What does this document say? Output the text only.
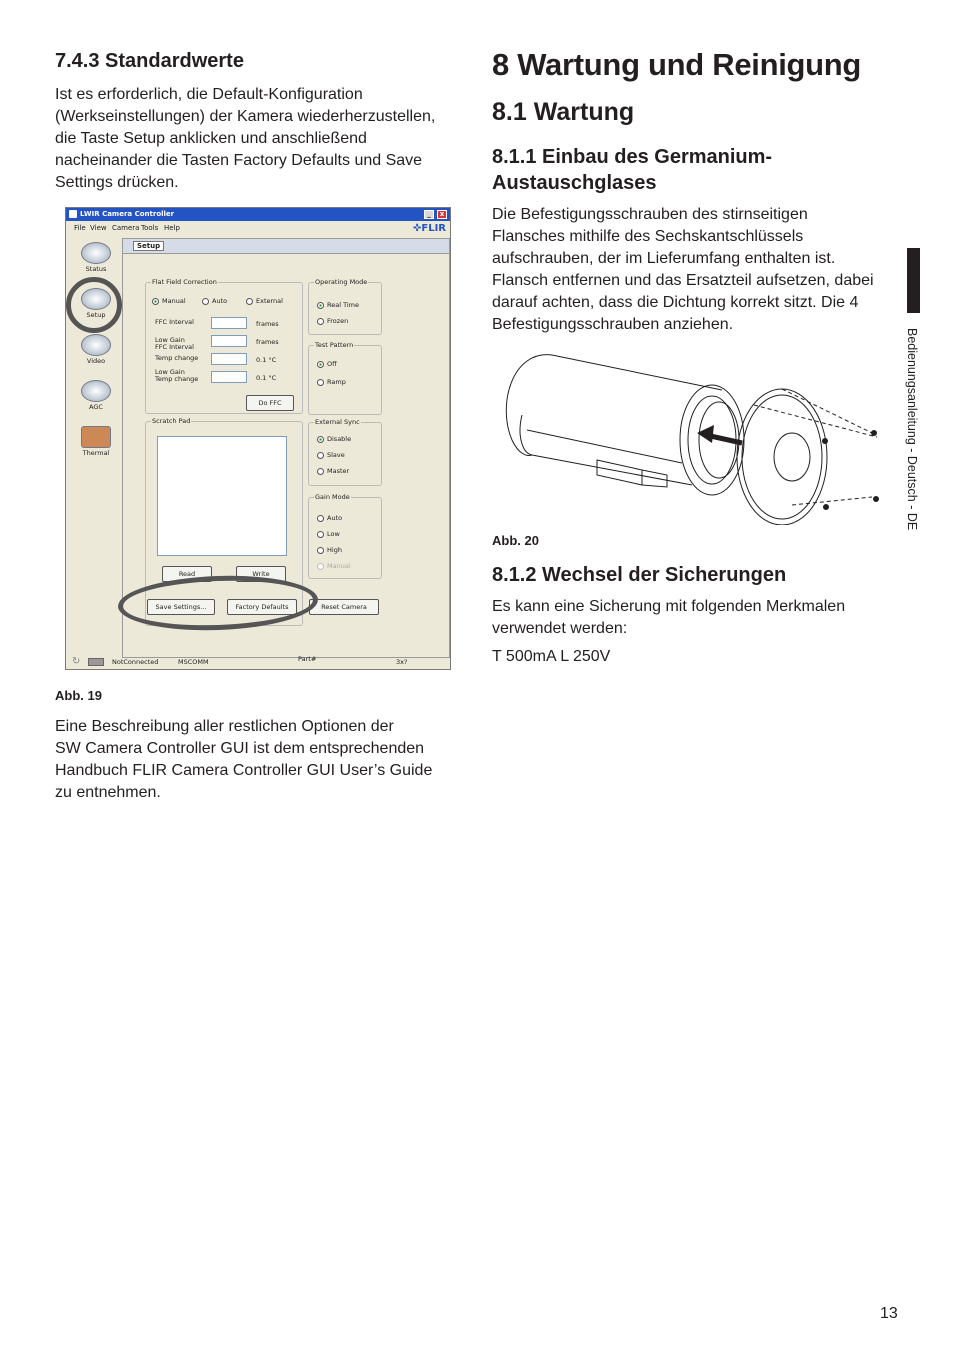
7.4.3 Standardwerte

Ist es erforderlich, die Default-Konfiguration

(Werkseinstellungen) der Kamera wiederherzustellen,

die Taste Setup anklicken und anschließend

nacheinander die Tasten Factory Defaults und Save

Settings drücken.

LWIR Camera Controller	_	x
File View Camera Tools Help	✜FLIR
Status
Setup
Video
AGC
Thermal
Setup
Flat Field Correction
Manual	Auto	External
FFC Interval	frames
Low Gain
FFC Interval
frames
Temp change	0.1 °C
Low Gain
Temp change	0.1 °C
Do FFC
Operating Mode
Real Time
Frozen
Test Pattern
Off
Ramp
Scratch Pad
Read	Write
External Sync
Disable
Slave
Master
Gain Mode
Auto
Low
High
Manual
Save Settings...	Factory Defaults	Reset Camera
↻	NotConnected	MSCOMM	Part#	3x?
Abb. 19

Eine Beschreibung aller restlichen Optionen der

SW Camera Controller GUI ist dem entsprechenden

Handbuch FLIR Camera Controller GUI User’s Guide

zu entnehmen.

8 Wartung und Reinigung
8.1 Wartung
8.1.1 Einbau des Germanium-
Austauschglases

Die Befestigungsschrauben des stirnseitigen

Flansches mithilfe des Sechskantschlüssels

aufschrauben, der im Lieferumfang enthalten ist.

Flansch entfernen und das Ersatzteil aufsetzen, dabei

darauf achten, dass die Dichtung korrekt sitzt. Die 4

Befestigungsschrauben anziehen.

Abb. 20
8.1.2 Wechsel der Sicherungen

Es kann eine Sicherung mit folgenden Merkmalen

verwendet werden:

T 500mA L 250V

Bedienungsanleitung - Deutsch - DE
13
